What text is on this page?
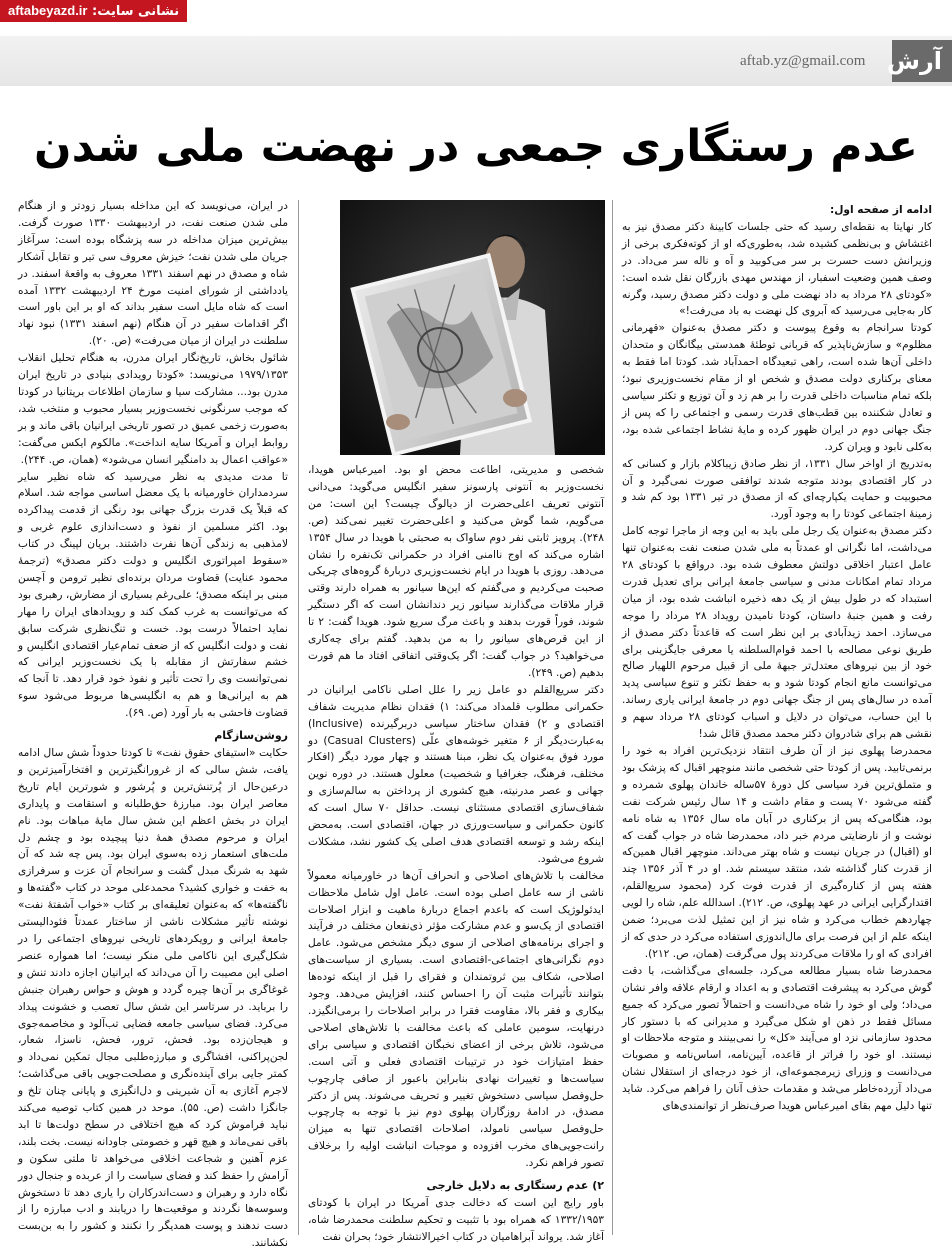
نشانی سایت: aftabeyazd.ir
aftab.yz@gmail.com آرش
عدم رستگاری جمعی در نهضت ملی شدن

ادامه از صفحه اول:

کار نهایتا به نقطه‌ای رسید که حتی جلسات کابینهٔ دکتر مصدق نیز به اغتشاش و بی‌نظمی کشیده شد، به‌طوری‌که او از کوته‌فکری برخی از وزیرانش دست حسرت بر سر می‌کوبید و آه و ناله سر می‌داد. در وصف همین وضعیت اسفبار، از مهندس مهدی بازرگان نقل شده است: «کودتای ۲۸ مرداد به داد نهضت ملی و دولت دکتر مصدق رسید، وگرنه کار به‌جایی می‌رسید که آبروی کل نهضت به باد می‌رفت!»

کودتا سرانجام به وقوع پیوست و دکتر مصدق به‌عنوان «قهرمانی مظلوم» و سازش‌ناپذیر که قربانی توطئهٔ همدستی بیگانگان و متحدان داخلی آن‌ها شده است، راهی تبعیدگاه احمدآباد شد. کودتا اما فقط به معنای برکناری دولت مصدق و شخص او از مقام نخست‌وزیری نبود؛ بلکه تمام مناسبات داخلی قدرت را بر هم زد و آن توزیع و تکثر سیاسی و تعادل شکننده بین قطب‌های قدرت رسمی و اجتماعی را که پس از جنگ جهانی دوم در ایران ظهور کرده و مایهٔ نشاط اجتماعی شده بود، به‌کلی نابود و ویران کرد.

به‌تدریج از اواخر سال ۱۳۳۱، از نظر صادق زیباکلام بازار و کسانی که در کار اقتصادی بودند متوجه شدند توافقی صورت نمی‌گیرد و آن محبوبیت و حمایت یکپارچه‌ای که از مصدق در تیر ۱۳۳۱ بود کم شد و زمینهٔ اجتماعی کودتا را به وجود آورد.

دکتر مصدق به‌عنوان یک رجل ملی باید به این وجه از ماجرا توجه کامل می‌داشت، اما نگرانی او عمدتاً به ملی شدن صنعت نفت به‌عنوان تنها عامل اعتبار اخلاقی دولتش معطوف شده بود. درواقع با کودتای ۲۸ مرداد تمام امکانات مدنی و سیاسی جامعهٔ ایرانی برای تعدیل قدرت استبداد که در طول بیش از یک دهه ذخیره انباشت شده بود، از میان رفت و همین جنبهٔ داستان، کودتا نامیدن رویداد ۲۸ مرداد را موجه می‌سازد. احمد زیدآبادی بر این نظر است که قاعدتاً دکتر مصدق از طریق نوعی مصالحه با احمد قوام‌السلطنه یا معرفی جایگزینی برای خود از بین نیروهای معتدل‌تر جبههٔ ملی از قبیل مرحوم اللهیار صالح می‌توانست مانع انجام کودتا شود و به حفظ تکثر و تنوع سیاسی پدید آمده در سال‌های پس از جنگ جهانی دوم در جامعهٔ ایرانی یاری رساند. با این حساب، می‌توان در دلایل و اسباب کودتای ۲۸ مرداد سهم و نقشی هم برای شادروان دکتر محمد مصدق قائل شد!

محمدرضا پهلوی نیز از آن طرف انتقاد نزدیک‌ترین افراد به خود را برنمی‌تابید. پس از کودتا حتی شخصی مانند منوچهر اقبال که پزشک بود و متملق‌ترین فرد سیاسی کل دورهٔ ۵۷ساله خاندان پهلوی شمرده و گفته می‌شود ۷۰ پست و مقام داشت و ۱۴ سال رئیس شرکت نفت بود، هنگامی‌که پس از برکناری در آبان ماه سال ۱۳۵۶ به شاه نامه نوشت و از نارضایتی مردم خبر داد، محمدرضا شاه در جواب گفت که او (اقبال) در جریان نیست و شاه بهتر می‌داند. منوچهر اقبال همین‌که از قدرت کنار گذاشته شد، منتقد سیستم شد. او در ۴ آذر ۱۳۵۶ چند هفته پس از کناره‌گیری از قدرت فوت کرد (محمود سریع‌القلم، اقتدارگرایی ایرانی در عهد پهلوی، ص. ۲۱۲). اسدالله علم، شاه را لویی چهاردهم خطاب می‌کرد و شاه نیز از این تمثیل لذت می‌برد؛ ضمن اینکه علم از این فرصت برای مال‌اندوزی استفاده می‌کرد در حدی که از افرادی که او را ملاقات می‌کردند پول می‌گرفت (همان، ص. ۲۱۲).

محمدرضا شاه بسیار مطالعه می‌کرد، جلسه‌ای می‌گذاشت، با دقت گوش می‌کرد به پیشرفت اقتصادی و به اعداد و ارقام علاقه وافر نشان می‌داد؛ ولی او خود را شاه می‌دانست و احتمالاً تصور می‌کرد که جمیع مسائل فقط در ذهن او شکل می‌گیرد و مدیرانی که با دستور کار محدود سازمانی نزد او می‌آیند «کل» را نمی‌بینند و متوجه ملاحظات او نیستند. او خود را فراتر از قاعده، آیین‌نامه، اساس‌نامه و مصوبات می‌دانست و وزرای زیرمجموعه‌ای، از خود درجه‌ای از استقلال نشان می‌داد آزرده‌خاطر می‌شد و مقدمات حذف آنان را فراهم می‌کرد. شاید تنها دلیل مهم بقای امیرعباس هویدا صرف‌نظر از توانمندی‌های

شخصی و مدیریتی، اطاعت محض او بود. امیرعباس هویدا، نخست‌وزیر به آنتونی پارسونز سفیر انگلیس می‌گوید: می‌دانی آنتونی تعریف اعلی‌حضرت از دیالوگ چیست؟ این است: من می‌گویم، شما گوش می‌کنید و اعلی‌حضرت تغییر نمی‌کند (ص. ۲۴۸). پرویز ثابتی نفر دوم ساواک به صحبتی با هویدا در سال ۱۳۵۴ اشاره می‌کند که اوج ناامنی افراد در حکمرانی تک‌نفره را نشان می‌دهد. روزی با هویدا در ایام نخست‌وزیری دربارهٔ گروه‌های چریکی صحبت می‌کردیم و می‌گفتم که این‌ها سیانور به همراه دارند وقتی قرار ملاقات می‌گذارند سیانور زیر دندانشان است که اگر دستگیر شوند، فوراً قورت بدهند و باعث مرگ سریع شود. هویدا گفت: ۲ تا از این قرص‌های سیانور را به من بدهید. گفتم برای چه‌کاری می‌خواهید؟ در جواب گفت: اگر یک‌وقتی اتفاقی افتاد ما هم قورت بدهیم (ص. ۲۴۹).

دکتر سریع‌القلم دو عامل زیر را علل اصلی ناکامی ایرانیان در حکمرانی مطلوب قلمداد می‌کند: ۱) فقدان نظام مدیریت شفاف اقتصادی و ۲) فقدان ساختار سیاسی دربرگیرنده (Inclusive) به‌عبارت‌دیگر از ۶ متغیر خوشه‌های علّی (Casual Clusters) دو مورد فوق به‌عنوان یک نظر، مبنا هستند و چهار مورد دیگر (افکار مختلف، فرهنگ، جغرافیا و شخصیت) معلول هستند. در دوره نوین جهانی و عصر مدرنیته، هیچ کشوری از پرداختن به سالم‌سازی و شفاف‌سازی اقتصادی مستثنای نیست. حداقل ۷۰ سال است که کانون حکمرانی و سیاست‌ورزی در جهان، اقتصادی است. به‌محض اینکه رشد و توسعه اقتصادی هدف اصلی یک کشور نشد، مشکلات شروع می‌شود.

مخالفت با تلاش‌های اصلاحی و انحراف آن‌ها در خاورمیانه معمولاً ناشی از سه عامل اصلی بوده است. عامل اول شامل ملاحظات ایدئولوژیک است که باعدم اجماع دربارهٔ ماهیت و ابزار اصلاحات اقتصادی از یک‌سو و عدم مشارکت مؤثر ذی‌نفعان مختلف در فرآیند و اجرای برنامه‌های اصلاحی از سوی دیگر مشخص می‌شود. عامل دوم نگرانی‌های اجتماعی-اقتصادی است. بسیاری از سیاست‌های اصلاحی، شکاف بین ثروتمندان و فقرای را قبل از اینکه توده‌ها بتوانند تأثیرات مثبت آن را احساس کنند، افزایش می‌دهد. وجود بیکاری و فقر بالا، مقاومت فقرا در برابر اصلاحات را برمی‌انگیزد. درنهایت، سومین عاملی که باعث مخالفت با تلاش‌های اصلاحی می‌شود، تلاش برخی از اعضای نخبگان اقتصادی و سیاسی برای حفظ امتیازات خود در ترتیبات اقتصادی فعلی و آتی است. سیاست‌ها و تغییرات نهادی بنابراین باعبور از صافی چارچوب حل‌وفصل سیاسی دستخوش تغییر و تحریف می‌شوند. پس از دکتر مصدق، در ادامهٔ روزگاران پهلوی دوم نیز با توجه به چارچوب حل‌وفصل سیاسی نامولد، اصلاحات اقتصادی تنها به میزان رانت‌جویی‌های مخرب افزوده و موجبات انباشت اولیه را برخلاف تصور فراهم نکرد.

۲) عدم رستگاری به دلایل خارجی

باور رایج این است که دخالت جدی آمریکا در ایران با کودتای ۱۳۳۲/۱۹۵۳ که همراه بود با تثبیت و تحکیم سلطنت محمدرضا شاه، آغاز شد. یرواند آبراهامیان در کتاب اخیرالانتشار خود؛ بحران نفت

در ایران، می‌نویسد که این مداخله بسیار زودتر و از هنگام ملی شدن صنعت نفت، در اردیبهشت ۱۳۳۰ صورت گرفت. بیش‌ترین میزان مداخله در سه پزشگاه بوده است: سرآغاز جریان ملی شدن نفت؛ خیزش معروف سی تیر و تقابل آشکار شاه و مصدق در نهم اسفند ۱۳۳۱ معروف به واقعهٔ اسفند. در یادداشتی از شورای امنیت مورخ ۲۴ اردیبهشت ۱۳۳۲ آمده است که شاه مایل است سفیر بداند که او بر این باور است اگر اقدامات سفیر در آن هنگام (نهم اسفند ۱۳۳۱) نبود نهاد سلطنت در ایران از میان می‌رفت» (ص. ۲۰).

شائول بخاش، تاریخ‌نگار ایران مدرن، به هنگام تحلیل انقلاب ۱۹۷۹/۱۳۵۳ می‌نویسد: «کودتا رویدادی بنیادی در تاریخ ایران مدرن بود... مشارکت سیا و سازمان اطلاعات بریتانیا در کودتا که موجب سرنگونی نخست‌وزیر بسیار محبوب و منتخب شد، به‌صورت زخمی عمیق در تصور تاریخی ایرانیان باقی ماند و بر روابط ایران و آمریکا سایه انداخت». مالکوم ایکس می‌گفت: «عواقب اعمال بد دامنگیر انسان می‌شود» (همان، ص. ۲۴۴).

تا مدت مدیدی به نظر می‌رسید که شاه نظیر سایر سردمداران خاورمیانه با یک معضل اساسی مواجه شد. اسلام که قبلاً یک قدرت بزرگ جهانی بود رنگی از قدمت پیداکرده بود. اکثر مسلمین از نفوذ و دست‌اندازی علوم غربی و لامذهبی به زندگی آن‌ها نفرت داشتند. بریان لپینگ در کتاب «سقوط امپراتوری انگلیس و دولت دکتر مصدق» (ترجمهٔ محمود عنایت) قضاوت مردان برنده‌ای نظیر ترومن و آچسن مبنی بر اینکه مصدق؛ علی‌رغم بسیاری از مضارش، رهبری بود که می‌توانست به غرب کمک کند و رویدادهای ایران را مهار نماید احتمالاً درست بود. خست و تنگ‌نظری شرکت سابق نفت و دولت انگلیس که از ضعف تمام‌عیار اقتصادی انگلیس و خشم سفارتش از مقابله با یک نخست‌وزیر ایرانی که نمی‌توانست وی را تحت تأثیر و نفوذ خود قرار دهد. تا آنجا که هم به ایرانی‌ها و هم به انگلیسی‌ها مربوط می‌شود سوء قضاوت فاحشی به بار آورد (ص. ۶۹).

روشن‌سازگام

حکایت «استیفای حقوق نفت» تا کودتا حدوداً شش سال ادامه یافت، شش سالی که از غرورانگیزترین و افتخارآمیزترین و درعین‌حال از پُرتنش‌ترین و پُرشور و شورترین ایام تاریخ معاصر ایران بود. مبارزهٔ حق‌طلبانه و استقامت و پایداری ایران در بخش اعظم این شش سال مایهٔ مباهات بود. نام ایران و مرحوم مصدق همهٔ دنیا پیچیده بود و چشم دل ملت‌های استعمار زده به‌سوی ایران بود. پس چه شد که آن شهد به شرنگ مبدل گشت و سرانجام آن عزت و سرفرازی به خفت و خواری کشید؟ محمدعلی موحد در کتاب «گفته‌ها و ناگفته‌ها» که به‌عنوان تعلیقه‌ای بر کتاب «خواب آشفتهٔ نفت» نوشته تأثیر مشکلات ناشی از ساختار عمدتاً فئودالیستی جامعهٔ ایرانی و رویکردهای تاریخی نیروهای اجتماعی را در شکل‌گیری این ناکامی ملی منکر نیست؛ اما همواره عنصر اصلی این مصیبت را آن می‌داند که ایرانیان اجازه دادند تنش و غوغاگری بر آن‌ها چیره گردد و هوش و حواس رهبران جنبش را برباید. در سرتاسر این شش سال تعصب و خشونت پیداد می‌کرد. فضای سیاسی جامعه فضایی تب‌آلود و مخاصمه‌جوی و هیجان‌زده بود. فحش، ترور، فحش، ناسزا، شعار، لجن‌پراکنی، افشاگری و مبارزه‌طلبی مجال تمکین نمی‌داد و کمتر جایی برای آینده‌نگری و مصلحت‌جویی باقی می‌گذاشت؛ لاجرم آغازی به آن شیرینی و دل‌انگیزی و پایانی چنان تلخ و جانگزا داشت (ص. ۵۵). موحد در همین کتاب توصیه می‌کند نباید فراموش کرد که هیچ اختلافی در سطح دولت‌ها تا ابد باقی نمی‌ماند و هیچ قهر و خصومتی جاودانه نیست. بخت بلند، عزم آهنین و شجاعت اخلاقی می‌خواهد تا ملتی سکون و آرامش را حفظ کند و فضای سیاست را از عربده و جنجال دور نگاه دارد و رهبران و دست‌اندرکاران را یاری دهد تا دستخوش وسوسه‌ها نگردند و موقعیت‌ها را دریابند و ادب مبارزه را از دست ندهند و پوست همدیگر را نکنند و کشور را به بن‌بست نکشانند.
